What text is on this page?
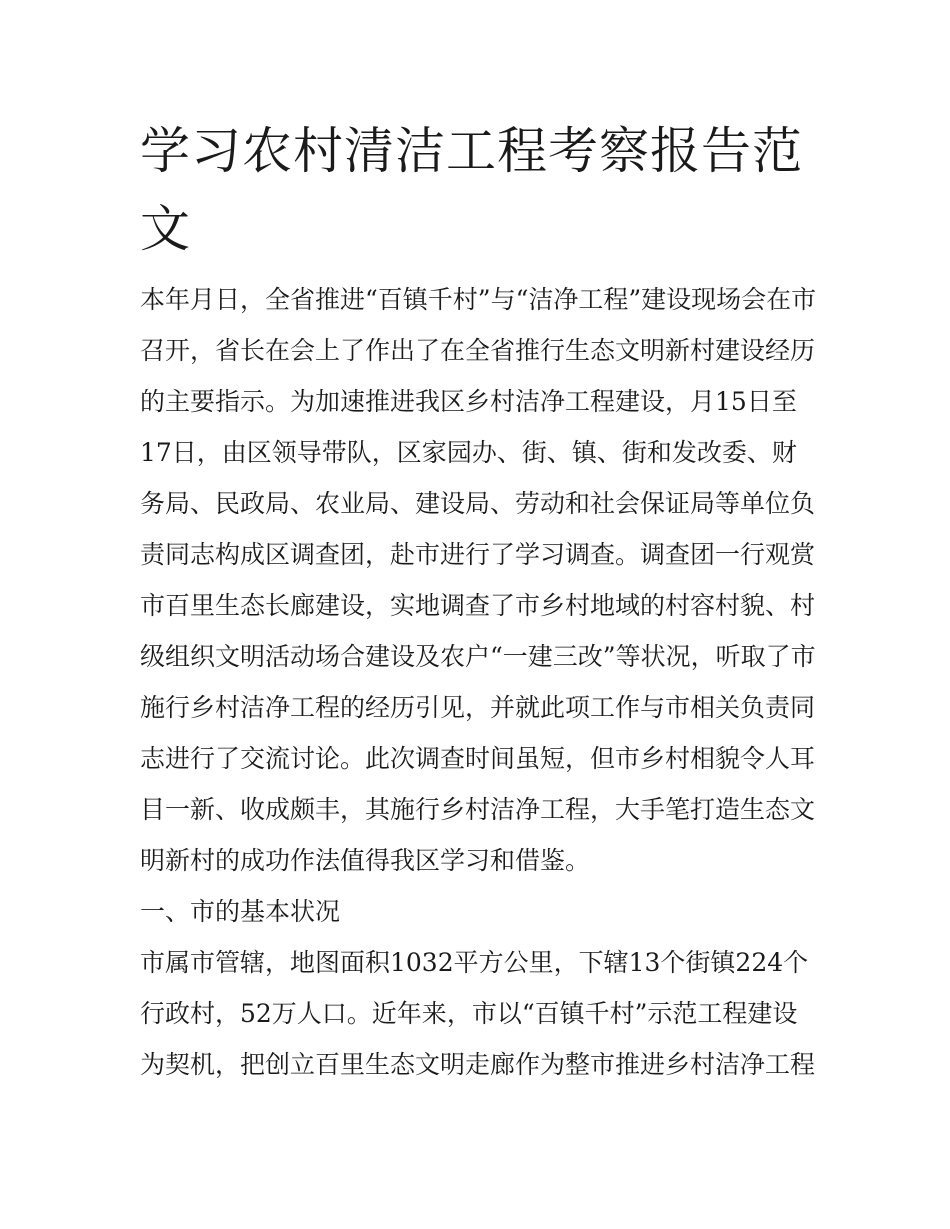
学习农村清洁工程考察报告范
文

本年月日，全省推进“百镇千村”与“洁净工程”建设现场会在市

召开，省长在会上了作出了在全省推行生态文明新村建设经历

的主要指示。为加速推进我区乡村洁净工程建设，月15日至

17日，由区领导带队，区家园办、街、镇、街和发改委、财

务局、民政局、农业局、建设局、劳动和社会保证局等单位负

责同志构成区调查团，赴市进行了学习调查。调查团一行观赏

市百里生态长廊建设，实地调查了市乡村地域的村容村貌、村

级组织文明活动场合建设及农户“一建三改”等状况，听取了市

施行乡村洁净工程的经历引见，并就此项工作与市相关负责同

志进行了交流讨论。此次调查时间虽短，但市乡村相貌令人耳

目一新、收成颇丰，其施行乡村洁净工程，大手笔打造生态文

明新村的成功作法值得我区学习和借鉴。

一、市的基本状况

市属市管辖，地图面积1032平方公里，下辖13个街镇224个

行政村，52万人口。近年来，市以“百镇千村”示范工程建设

为契机，把创立百里生态文明走廊作为整市推进乡村洁净工程
